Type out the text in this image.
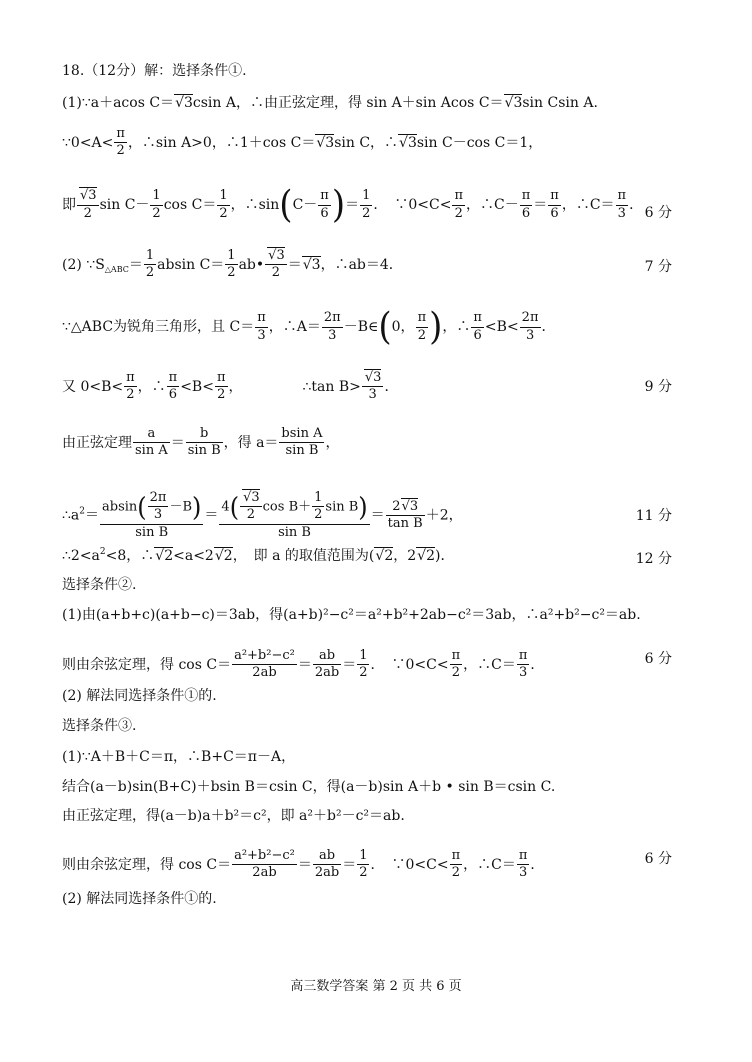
18.（12分）解：选择条件①.
(1)∵a＋acos C＝√ 3csin A，∴由正弦定理，得 sin A＋sin Acos C＝√ 3sin Csin A.
∵0<A< $\frac{\pi}{2}$ ，∴sin A>0，∴1＋cos C＝√ 3sin C，∴√ 3sin C－cos C＝1，
即
√ $\frac{3}{2}$ $\sin C- \frac{1}{2}$ $\cos C= \frac{1}{2}$ ，∴sin(C－ $\frac{\pi}{6}$ )＝ $\frac{1}{2}$ ．　∵0<C< $\frac{\pi}{2}$ ，∴C－ $\frac{\pi}{6} = \frac{\pi}{6}$ ，∴C＝ $\frac{\pi}{3}$ ． 6 分
(2) $\because S_{\triangle ABC}= \frac{1}{2}$ absin $C= \frac{1}{2}$ ab•
√ $\frac{3}{2}$ ＝√ 3，∴ab＝4．	7 分
∵△ABC为锐角三角形，且 $C= \frac{\pi}{3}$ ，∴A＝ $\frac{2\pi}{3}$ －B∈(0， $\frac{\pi}{2}$ )，∴ $\frac{\pi}{6} <B< \frac{2\pi}{3}$ ．
又 $0<B< \frac{\pi}{2}$ ，∴ $\frac{\pi}{6} <B< \frac{\pi}{2}$ ，	∴tan B>
√ $\frac{3}{3}$ ．	9 分
由正弦定理 $\frac{a}{\text{sin A}} = \frac{b}{\text{sin B}}$ ，得 $a= \frac{\text{bsin A}}{\text{sin B}}$ ，
$\therefore a^2= \frac{absin( \frac{2\pi}{3} -B)}{\text{sin B}} = 4$(
√ $\frac{3}{2}$ $\cos B+ \frac{1}{2}$ sin B)
$\sin B = \frac{2√ 3}{\text{tan B}} +2$，	11 分
$\therefore 2<a^2<8$，∴√ 2<a<2√ 2，　即 a 的取值范围为(√ 2，2√ 2)．	12 分
选择条件②.
(1)由(a+b+c)(a+b−c)＝3ab，得(a+b)²−c²＝a²+b²+2ab−c²＝3ab，∴a²+b²−c²＝ab.
则由余弦定理，得 $\cos C= \frac{\text{a²+b²−c²}}{2ab} = \frac{ab}{2ab} = \frac{1}{2}$ ．　∵0<C< $\frac{\pi}{2}$ ，∴C＝ $\frac{\pi}{3}$ ．	6 分
(2) 解法同选择条件①的.
选择条件③.
(1)∵A＋B＋C＝π，∴B+C＝π－A，
结合(a－b)sin(B+C)＋bsin B＝csin C，得(a－b)sin A＋b • sin B＝csin C.
由正弦定理，得(a－b)a＋b²＝c²，即 a²＋b²－c²＝ab.
则由余弦定理，得 $\cos C= \frac{\text{a²+b²−c²}}{2ab} = \frac{ab}{2ab} = \frac{1}{2}$ ．　∵0<C< $\frac{\pi}{2}$ ，∴C＝ $\frac{\pi}{3}$ ．	6 分
(2) 解法同选择条件①的.
高三数学答案 第 2 页 共 6 页
